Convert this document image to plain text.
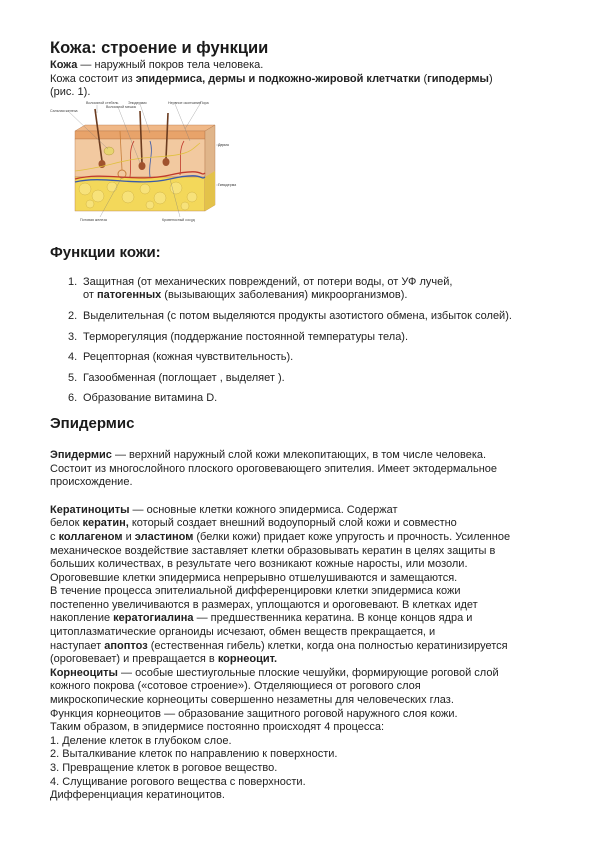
Кожа: строение и функции

Кожа — наружный покров тела человека.

Кожа состоит из эпидермиса, дермы и подкожно-жировой клетчатки (гиподермы)

(рис. 1).

Сальная железа
Волосяной стебель
Волосяной мешок
Эпидермис	Нервное окончание Пора
Дерма
Гиподерма
Потовая железа	Кровеносный сосуд
Функции кожи:
1. Защитная (от механических повреждений, от потери воды, от УФ лучей,
от патогенных (вызывающих заболевания) микроорганизмов).
2. Выделительная (с потом выделяются продукты азотистого обмена, избыток солей).
3. Терморегуляция (поддержание постоянной температуры тела).
4. Рецепторная (кожная чувствительность).
5. Газообменная (поглощает , выделяет ).
6. Образование витамина D.
Эпидермис

Эпидермис — верхний наружный слой кожи млекопитающих, в том числе человека.

Состоит из многослойного плоского ороговевающего эпителия. Имеет эктодермальное

происхождение.

Кератиноциты — основные клетки кожного эпидермиса. Содержат

белок кератин, который создает внешний водоупорный слой кожи и совместно

с коллагеном и эластином (белки кожи) придает коже упругость и прочность. Усиленное

механическое воздействие заставляет клетки образовывать кератин в целях защиты в

больших количествах, в результате чего возникают кожные наросты, или мозоли.

Ороговевшие клетки эпидермиса непрерывно отшелушиваются и замещаются.

В течение процесса эпителиальной дифференцировки клетки эпидермиса кожи

постепенно увеличиваются в размерах, уплощаются и ороговевают. В клетках идет

накопление кератогиалина — предшественника кератина. В конце концов ядра и

цитоплазматические органоиды исчезают, обмен веществ прекращается, и

наступает апоптоз (естественная гибель) клетки, когда она полностью кератинизируется

(ороговевает) и превращается в корнеоцит.

Корнеоциты — особые шестиугольные плоские чешуйки, формирующие роговой слой

кожного покрова («сотовое строение»). Отделяющиеся от рогового слоя

микроскопические корнеоциты совершенно незаметны для человеческих глаз.

Функция корнеоцитов — образование защитного роговой наружного слоя кожи.

Таким образом, в эпидермисе постоянно происходят 4 процесса:

1. Деление клеток в глубоком слое.

2. Выталкивание клеток по направлению к поверхности.

3. Превращение клеток в роговое вещество.

4. Слущивание рогового вещества с поверхности.

Дифференциация кератиноцитов.
